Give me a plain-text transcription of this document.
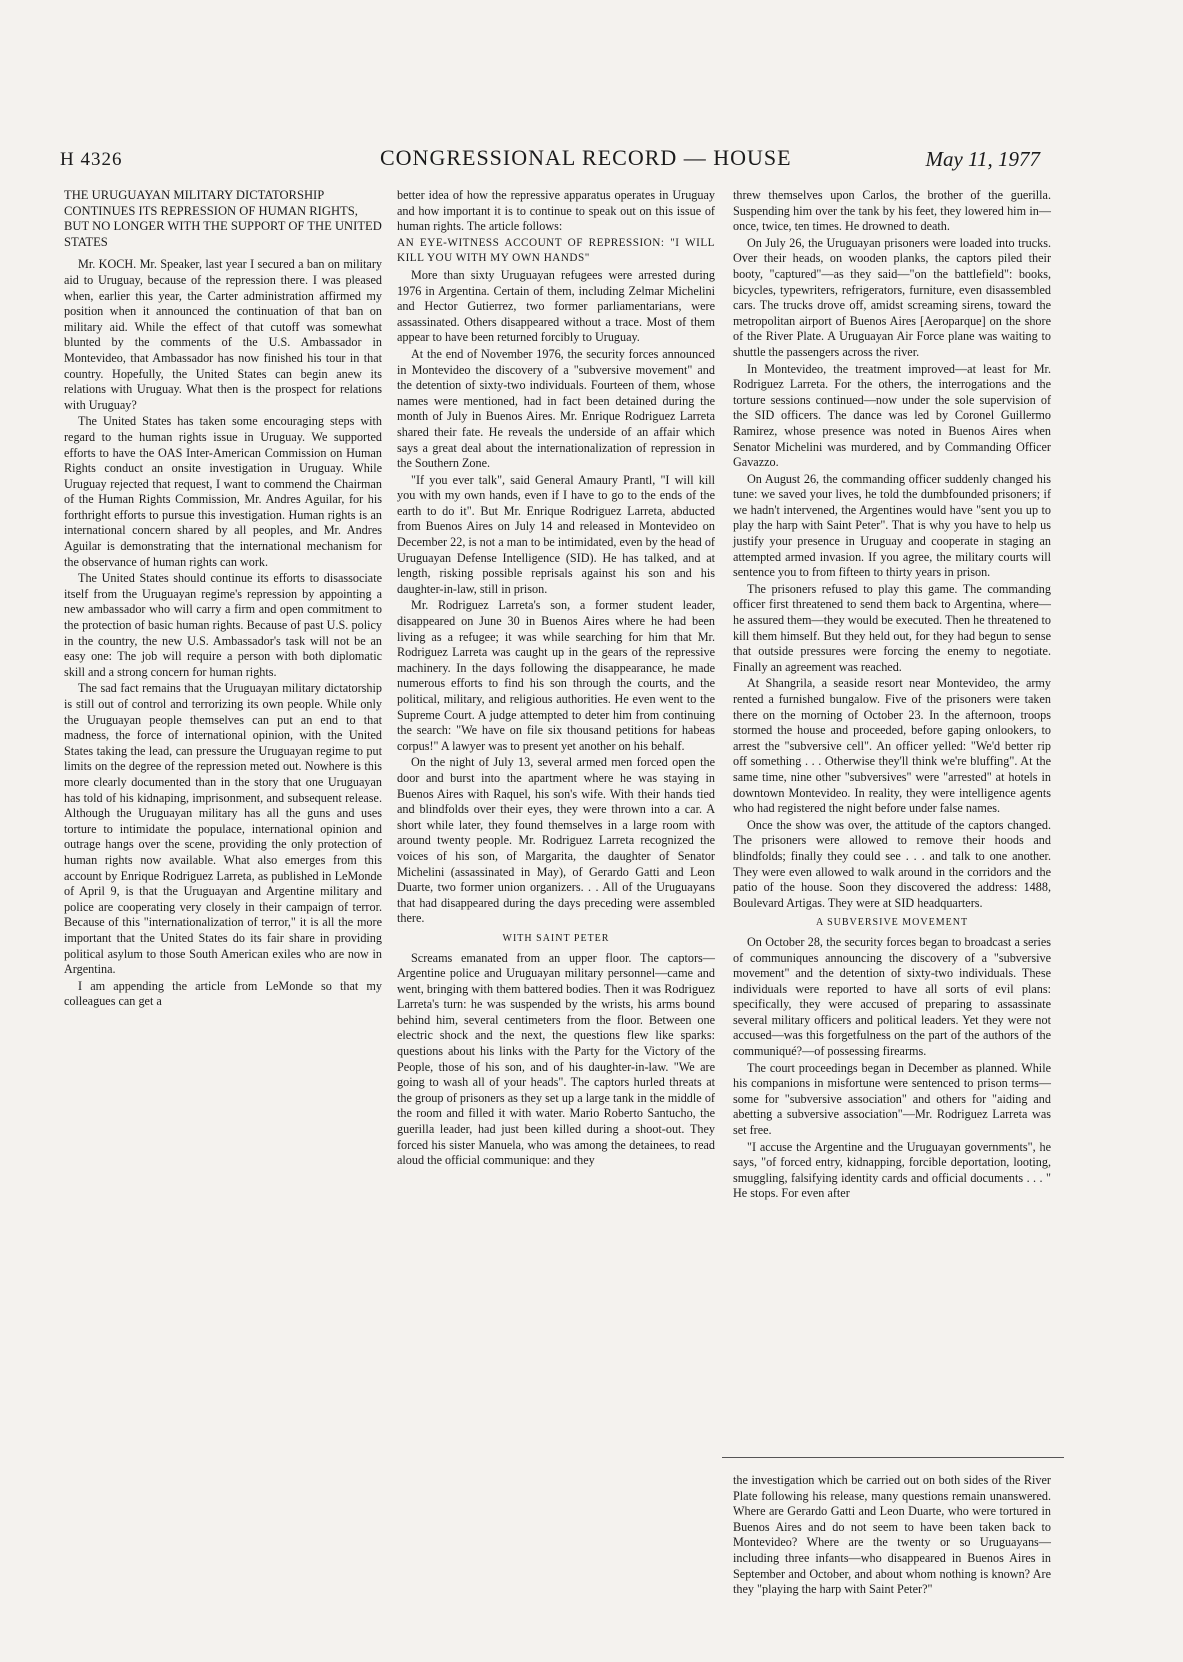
H 4326	CONGRESSIONAL RECORD — HOUSE	May 11, 1977

THE URUGUAYAN MILITARY DICTATORSHIP CONTINUES ITS REPRESSION OF HUMAN RIGHTS, BUT NO LONGER WITH THE SUPPORT OF THE UNITED STATES

Mr. KOCH. Mr. Speaker, last year I secured a ban on military aid to Uruguay, because of the repression there. I was pleased when, earlier this year, the Carter administration affirmed my position when it announced the continuation of that ban on military aid. While the effect of that cutoff was somewhat blunted by the comments of the U.S. Ambassador in Montevideo, that Ambassador has now finished his tour in that country. Hopefully, the United States can begin anew its relations with Uruguay. What then is the prospect for relations with Uruguay?

The United States has taken some encouraging steps with regard to the human rights issue in Uruguay. We supported efforts to have the OAS Inter-American Commission on Human Rights conduct an onsite investigation in Uruguay. While Uruguay rejected that request, I want to commend the Chairman of the Human Rights Commission, Mr. Andres Aguilar, for his forthright efforts to pursue this investigation. Human rights is an international concern shared by all peoples, and Mr. Andres Aguilar is demonstrating that the international mechanism for the observance of human rights can work.

The United States should continue its efforts to disassociate itself from the Uruguayan regime's repression by appointing a new ambassador who will carry a firm and open commitment to the protection of basic human rights. Because of past U.S. policy in the country, the new U.S. Ambassador's task will not be an easy one: The job will require a person with both diplomatic skill and a strong concern for human rights.

The sad fact remains that the Uruguayan military dictatorship is still out of control and terrorizing its own people. While only the Uruguayan people themselves can put an end to that madness, the force of international opinion, with the United States taking the lead, can pressure the Uruguayan regime to put limits on the degree of the repression meted out. Nowhere is this more clearly documented than in the story that one Uruguayan has told of his kidnaping, imprisonment, and subsequent release. Although the Uruguayan military has all the guns and uses torture to intimidate the populace, international opinion and outrage hangs over the scene, providing the only protection of human rights now available. What also emerges from this account by Enrique Rodriguez Larreta, as published in LeMonde of April 9, is that the Uruguayan and Argentine military and police are cooperating very closely in their campaign of terror. Because of this "internationalization of terror," it is all the more important that the United States do its fair share in providing political asylum to those South American exiles who are now in Argentina.

I am appending the article from LeMonde so that my colleagues can get a

better idea of how the repressive apparatus operates in Uruguay and how important it is to continue to speak out on this issue of human rights. The article follows:

AN EYE-WITNESS ACCOUNT OF REPRESSION: "I WILL KILL YOU WITH MY OWN HANDS"

More than sixty Uruguayan refugees were arrested during 1976 in Argentina. Certain of them, including Zelmar Michelini and Hector Gutierrez, two former parliamentarians, were assassinated. Others disappeared without a trace. Most of them appear to have been returned forcibly to Uruguay.

At the end of November 1976, the security forces announced in Montevideo the discovery of a "subversive movement" and the detention of sixty-two individuals. Fourteen of them, whose names were mentioned, had in fact been detained during the month of July in Buenos Aires. Mr. Enrique Rodriguez Larreta shared their fate. He reveals the underside of an affair which says a great deal about the internationalization of repression in the Southern Zone.

"If you ever talk", said General Amaury Prantl, "I will kill you with my own hands, even if I have to go to the ends of the earth to do it". But Mr. Enrique Rodriguez Larreta, abducted from Buenos Aires on July 14 and released in Montevideo on December 22, is not a man to be intimidated, even by the head of Uruguayan Defense Intelligence (SID). He has talked, and at length, risking possible reprisals against his son and his daughter-in-law, still in prison.

Mr. Rodriguez Larreta's son, a former student leader, disappeared on June 30 in Buenos Aires where he had been living as a refugee; it was while searching for him that Mr. Rodriguez Larreta was caught up in the gears of the repressive machinery. In the days following the disappearance, he made numerous efforts to find his son through the courts, and the political, military, and religious authorities. He even went to the Supreme Court. A judge attempted to deter him from continuing the search: "We have on file six thousand petitions for habeas corpus!" A lawyer was to present yet another on his behalf.

On the night of July 13, several armed men forced open the door and burst into the apartment where he was staying in Buenos Aires with Raquel, his son's wife. With their hands tied and blindfolds over their eyes, they were thrown into a car. A short while later, they found themselves in a large room with around twenty people. Mr. Rodriguez Larreta recognized the voices of his son, of Margarita, the daughter of Senator Michelini (assassinated in May), of Gerardo Gatti and Leon Duarte, two former union organizers. . . All of the Uruguayans that had disappeared during the days preceding were assembled there.

WITH SAINT PETER

Screams emanated from an upper floor. The captors—Argentine police and Uruguayan military personnel—came and went, bringing with them battered bodies. Then it was Rodriguez Larreta's turn: he was suspended by the wrists, his arms bound behind him, several centimeters from the floor. Between one electric shock and the next, the questions flew like sparks: questions about his links with the Party for the Victory of the People, those of his son, and of his daughter-in-law. "We are going to wash all of your heads". The captors hurled threats at the group of prisoners as they set up a large tank in the middle of the room and filled it with water. Mario Roberto Santucho, the guerilla leader, had just been killed during a shoot-out. They forced his sister Manuela, who was among the detainees, to read aloud the official communique: and they

threw themselves upon Carlos, the brother of the guerilla. Suspending him over the tank by his feet, they lowered him in—once, twice, ten times. He drowned to death.

On July 26, the Uruguayan prisoners were loaded into trucks. Over their heads, on wooden planks, the captors piled their booty, "captured"—as they said—"on the battlefield": books, bicycles, typewriters, refrigerators, furniture, even disassembled cars. The trucks drove off, amidst screaming sirens, toward the metropolitan airport of Buenos Aires [Aeroparque] on the shore of the River Plate. A Uruguayan Air Force plane was waiting to shuttle the passengers across the river.

In Montevideo, the treatment improved—at least for Mr. Rodriguez Larreta. For the others, the interrogations and the torture sessions continued—now under the sole supervision of the SID officers. The dance was led by Coronel Guillermo Ramirez, whose presence was noted in Buenos Aires when Senator Michelini was murdered, and by Commanding Officer Gavazzo.

On August 26, the commanding officer suddenly changed his tune: we saved your lives, he told the dumbfounded prisoners; if we hadn't intervened, the Argentines would have "sent you up to play the harp with Saint Peter". That is why you have to help us justify your presence in Uruguay and cooperate in staging an attempted armed invasion. If you agree, the military courts will sentence you to from fifteen to thirty years in prison.

The prisoners refused to play this game. The commanding officer first threatened to send them back to Argentina, where—he assured them—they would be executed. Then he threatened to kill them himself. But they held out, for they had begun to sense that outside pressures were forcing the enemy to negotiate. Finally an agreement was reached.

At Shangrila, a seaside resort near Montevideo, the army rented a furnished bungalow. Five of the prisoners were taken there on the morning of October 23. In the afternoon, troops stormed the house and proceeded, before gaping onlookers, to arrest the "subversive cell". An officer yelled: "We'd better rip off something . . . Otherwise they'll think we're bluffing". At the same time, nine other "subversives" were "arrested" at hotels in downtown Montevideo. In reality, they were intelligence agents who had registered the night before under false names.

Once the show was over, the attitude of the captors changed. The prisoners were allowed to remove their hoods and blindfolds; finally they could see . . . and talk to one another. They were even allowed to walk around in the corridors and the patio of the house. Soon they discovered the address: 1488, Boulevard Artigas. They were at SID headquarters.

A SUBVERSIVE MOVEMENT

On October 28, the security forces began to broadcast a series of communiques announcing the discovery of a "subversive movement" and the detention of sixty-two individuals. These individuals were reported to have all sorts of evil plans: specifically, they were accused of preparing to assassinate several military officers and political leaders. Yet they were not accused—was this forgetfulness on the part of the authors of the communiqué?—of possessing firearms.

The court proceedings began in December as planned. While his companions in misfortune were sentenced to prison terms—some for "subversive association" and others for "aiding and abetting a subversive association"—Mr. Rodriguez Larreta was set free.

"I accuse the Argentine and the Uruguayan governments", he says, "of forced entry, kidnapping, forcible deportation, looting, smuggling, falsifying identity cards and official documents . . . " He stops. For even after

the investigation which be carried out on both sides of the River Plate following his release, many questions remain unanswered. Where are Gerardo Gatti and Leon Duarte, who were tortured in Buenos Aires and do not seem to have been taken back to Montevideo? Where are the twenty or so Uruguayans—including three infants—who disappeared in Buenos Aires in September and October, and about whom nothing is known? Are they "playing the harp with Saint Peter?"
